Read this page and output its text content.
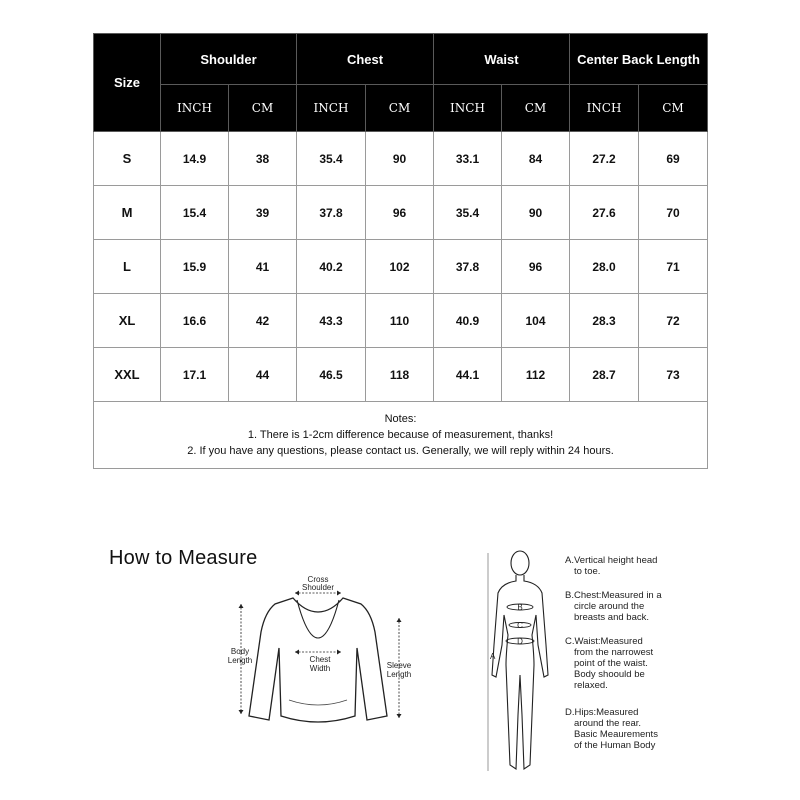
Size	Shoulder		Chest		Waist		Center Back Length	
	INCH	CM	INCH	CM	INCH	CM	INCH	CM
S	14.9	38	35.4	90	33.1	84	27.2	69
M	15.4	39	37.8	96	35.4	90	27.6	70
L	15.9	41	40.2	102	37.8	96	28.0	71
XL	16.6	42	43.3	110	40.9	104	28.3	72
XXL	17.1	44	46.5	118	44.1	112	28.7	73

Notes:
1. There is 1-2cm difference because of measurement, thanks!
2. If you have any questions, please contact us. Generally, we will reply within 24 hours.								
How to Measure
Cross
Shoulder
Body
Length	Chest
Width	Sleeve
Length
B
C
D
A
A.Vertical height head
to toe.
B.Chest:Measured in a
circle around the
breasts and back.
C.Waist:Measured
from the narrowest
point of the waist.
Body shoould be
relaxed.
D.Hips:Measured
around the rear.
Basic Meaurements
of the Human Body
